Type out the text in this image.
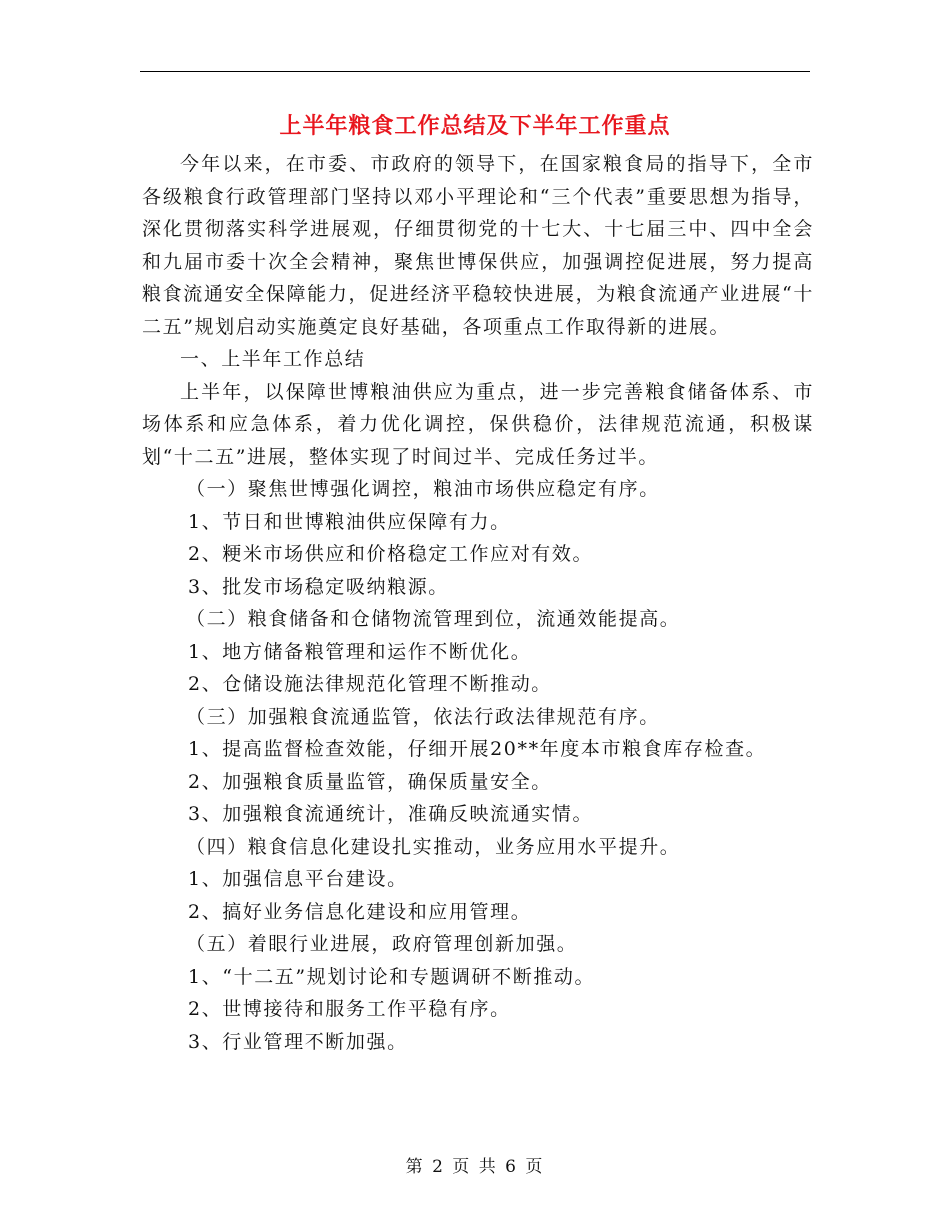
上半年粮食工作总结及下半年工作重点

今年以来，在市委、市政府的领导下，在国家粮食局的指导下，全市各级粮食行政管理部门坚持以邓小平理论和“三个代表”重要思想为指导，深化贯彻落实科学进展观，仔细贯彻党的十七大、十七届三中、四中全会和九届市委十次全会精神，聚焦世博保供应，加强调控促进展，努力提高粮食流通安全保障能力，促进经济平稳较快进展，为粮食流通产业进展“十二五”规划启动实施奠定良好基础，各项重点工作取得新的进展。

一、上半年工作总结

上半年，以保障世博粮油供应为重点，进一步完善粮食储备体系、市场体系和应急体系，着力优化调控，保供稳价，法律规范流通，积极谋划“十二五”进展，整体实现了时间过半、完成任务过半。

（一）聚焦世博强化调控，粮油市场供应稳定有序。

1、节日和世博粮油供应保障有力。

2、粳米市场供应和价格稳定工作应对有效。

3、批发市场稳定吸纳粮源。

（二）粮食储备和仓储物流管理到位，流通效能提高。

1、地方储备粮管理和运作不断优化。

2、仓储设施法律规范化管理不断推动。

（三）加强粮食流通监管，依法行政法律规范有序。

1、提高监督检查效能，仔细开展20**年度本市粮食库存检查。

2、加强粮食质量监管，确保质量安全。

3、加强粮食流通统计，准确反映流通实情。

（四）粮食信息化建设扎实推动，业务应用水平提升。

1、加强信息平台建设。

2、搞好业务信息化建设和应用管理。

（五）着眼行业进展，政府管理创新加强。

1、“十二五”规划讨论和专题调研不断推动。

2、世博接待和服务工作平稳有序。

3、行业管理不断加强。

第 2 页 共 6 页
